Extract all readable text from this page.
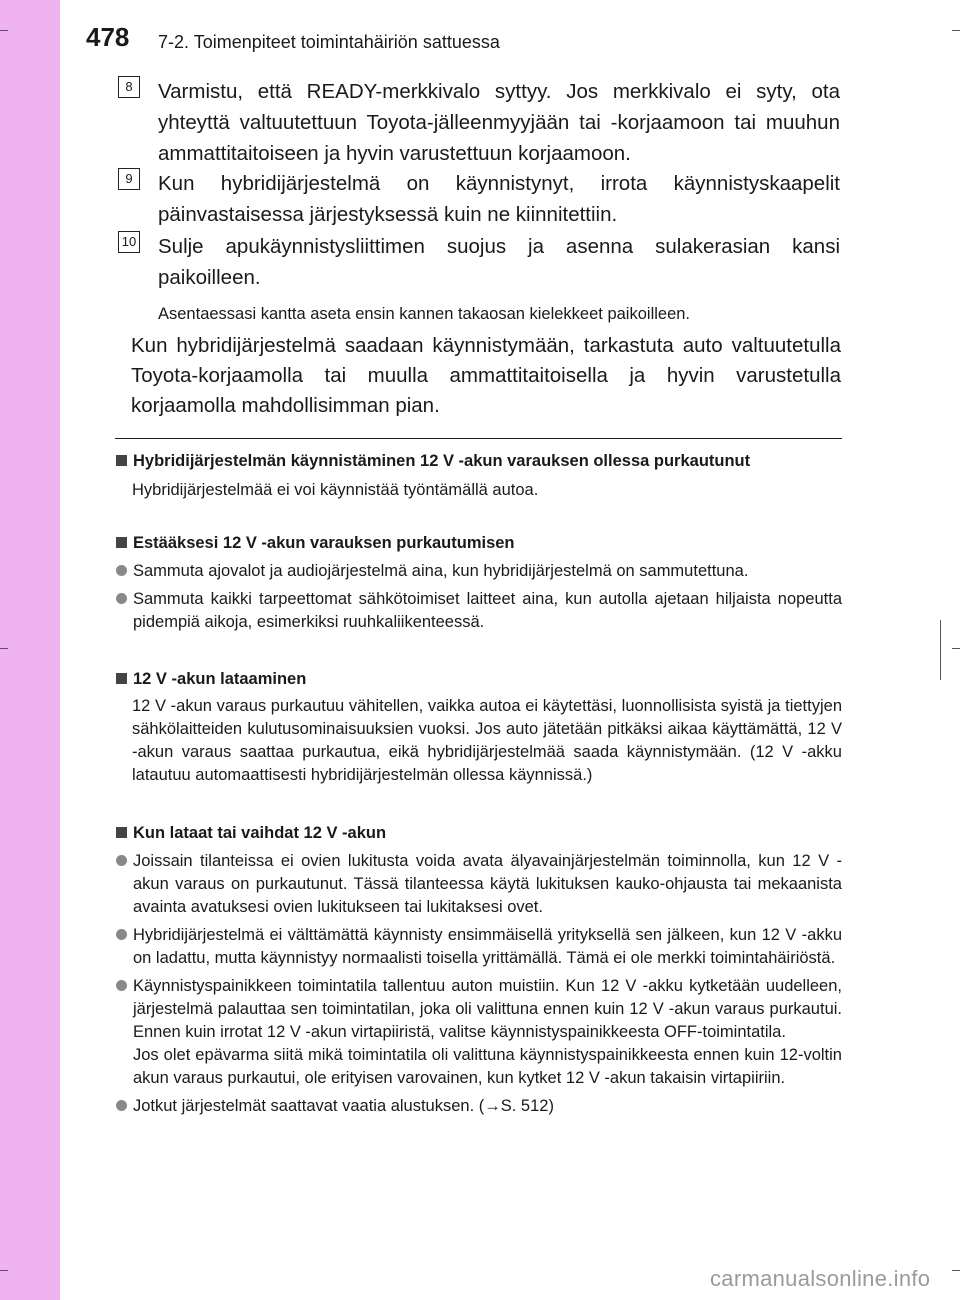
478 7-2. Toimenpiteet toimintahäiriön sattuessa
8	Varmistu, että READY-merkkivalo syttyy. Jos merkkivalo ei syty, ota yhteyttä valtuutettuun Toyota-jälleenmyyjään tai -korjaamoon tai muuhun ammattitaitoiseen ja hyvin varustettuun korjaamoon.
9	Kun hybridijärjestelmä on käynnistynyt, irrota käynnistyskaapelit päinvastaisessa järjestyksessä kuin ne kiinnitettiin.
10 Sulje apukäynnistysliittimen suojus ja asenna sulakerasian kansi paikoilleen.
Asentaessasi kantta aseta ensin kannen takaosan kielekkeet paikoilleen.
Kun hybridijärjestelmä saadaan käynnistymään, tarkastuta auto valtuutetulla Toyota-korjaamolla tai muulla ammattitaitoisella ja hyvin varustetulla korjaamolla mahdollisimman pian.
Hybridijärjestelmän käynnistäminen 12 V -akun varauksen ollessa purkautunut
Hybridijärjestelmää ei voi käynnistää työntämällä autoa.
Estääksesi 12 V -akun varauksen purkautumisen
Sammuta ajovalot ja audiojärjestelmä aina, kun hybridijärjestelmä on sammutettuna.
Sammuta kaikki tarpeettomat sähkötoimiset laitteet aina, kun autolla ajetaan hiljaista nopeutta pidempiä aikoja, esimerkiksi ruuhkaliikenteessä.
12 V -akun lataaminen
12 V -akun varaus purkautuu vähitellen, vaikka autoa ei käytettäsi, luonnollisista syistä ja tiettyjen sähkölaitteiden kulutusominaisuuksien vuoksi. Jos auto jätetään pitkäksi aikaa käyttämättä, 12 V -akun varaus saattaa purkautua, eikä hybridijärjestelmää saada käynnistymään. (12 V -akku latautuu automaattisesti hybridijärjestelmän ollessa käynnissä.)
Kun lataat tai vaihdat 12 V -akun
Joissain tilanteissa ei ovien lukitusta voida avata älyavainjärjestelmän toiminnolla, kun 12 V -akun varaus on purkautunut. Tässä tilanteessa käytä lukituksen kauko-ohjausta tai mekaanista avainta avatuksesi ovien lukitukseen tai lukitaksesi ovet.
Hybridijärjestelmä ei välttämättä käynnisty ensimmäisellä yrityksellä sen jälkeen, kun 12 V -akku on ladattu, mutta käynnistyy normaalisti toisella yrittämällä. Tämä ei ole merkki toimintahäiriöstä.
Käynnistyspainikkeen toimintatila tallentuu auton muistiin. Kun 12 V -akku kytketään uudelleen, järjestelmä palauttaa sen toimintatilan, joka oli valittuna ennen kuin 12 V -akun varaus purkautui. Ennen kuin irrotat 12 V -akun virtapiiristä, valitse käynnistyspainikkeesta OFF-toimintatila.
Jos olet epävarma siitä mikä toimintatila oli valittuna käynnistyspainikkeesta ennen kuin 12-voltin akun varaus purkautui, ole erityisen varovainen, kun kytket 12 V -akun takaisin virtapiiriin.
Jotkut järjestelmät saattavat vaatia alustuksen. (→S. 512)
carmanualsonline.info
